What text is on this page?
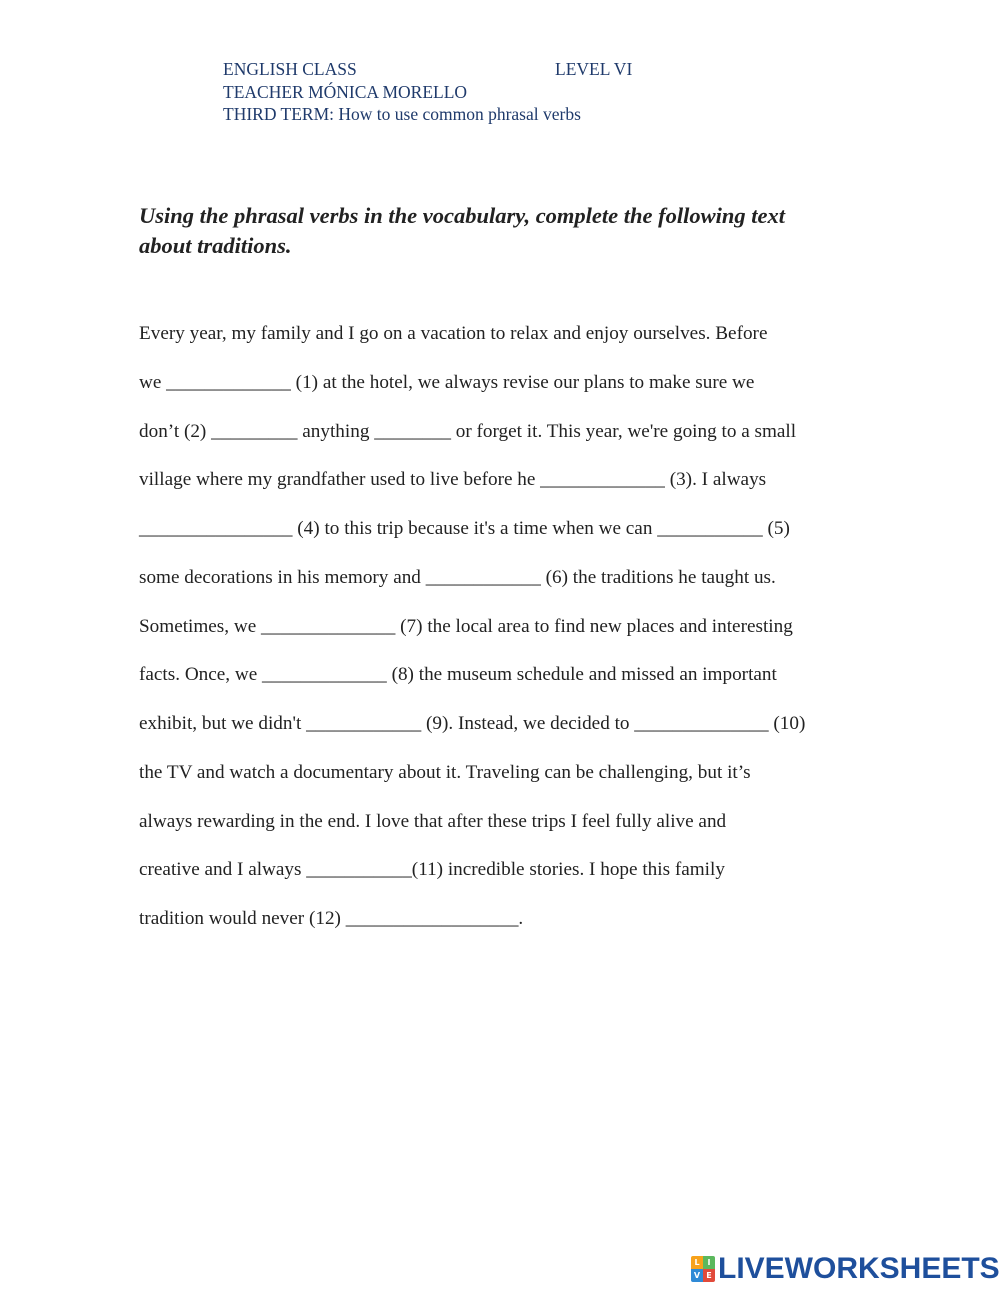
ENGLISH CLASS	LEVEL VI
TEACHER MÓNICA MORELLO
THIRD TERM: How to use common phrasal verbs
Using the phrasal verbs in the vocabulary, complete the following text
about traditions.
Every year, my family and I go on a vacation to relax and enjoy ourselves. Before
we _____________ (1) at the hotel, we always revise our plans to make sure we
don’t (2) _________ anything ________ or forget it. This year, we're going to a small
village where my grandfather used to live before he _____________ (3). I always
________________ (4) to this trip because it's a time when we can ___________ (5)
some decorations in his memory and ____________ (6) the traditions he taught us.
Sometimes, we ______________ (7) the local area to find new places and interesting
facts. Once, we _____________ (8) the museum schedule and missed an important
exhibit, but we didn't ____________ (9). Instead, we decided to ______________ (10)
the TV and watch a documentary about it. Traveling can be challenging, but it’s
always rewarding in the end. I love that after these trips I feel fully alive and
creative and I always ___________(11) incredible stories. I hope this family
tradition would never (12) __________________.
L I
V E LIVEWORKSHEETS
